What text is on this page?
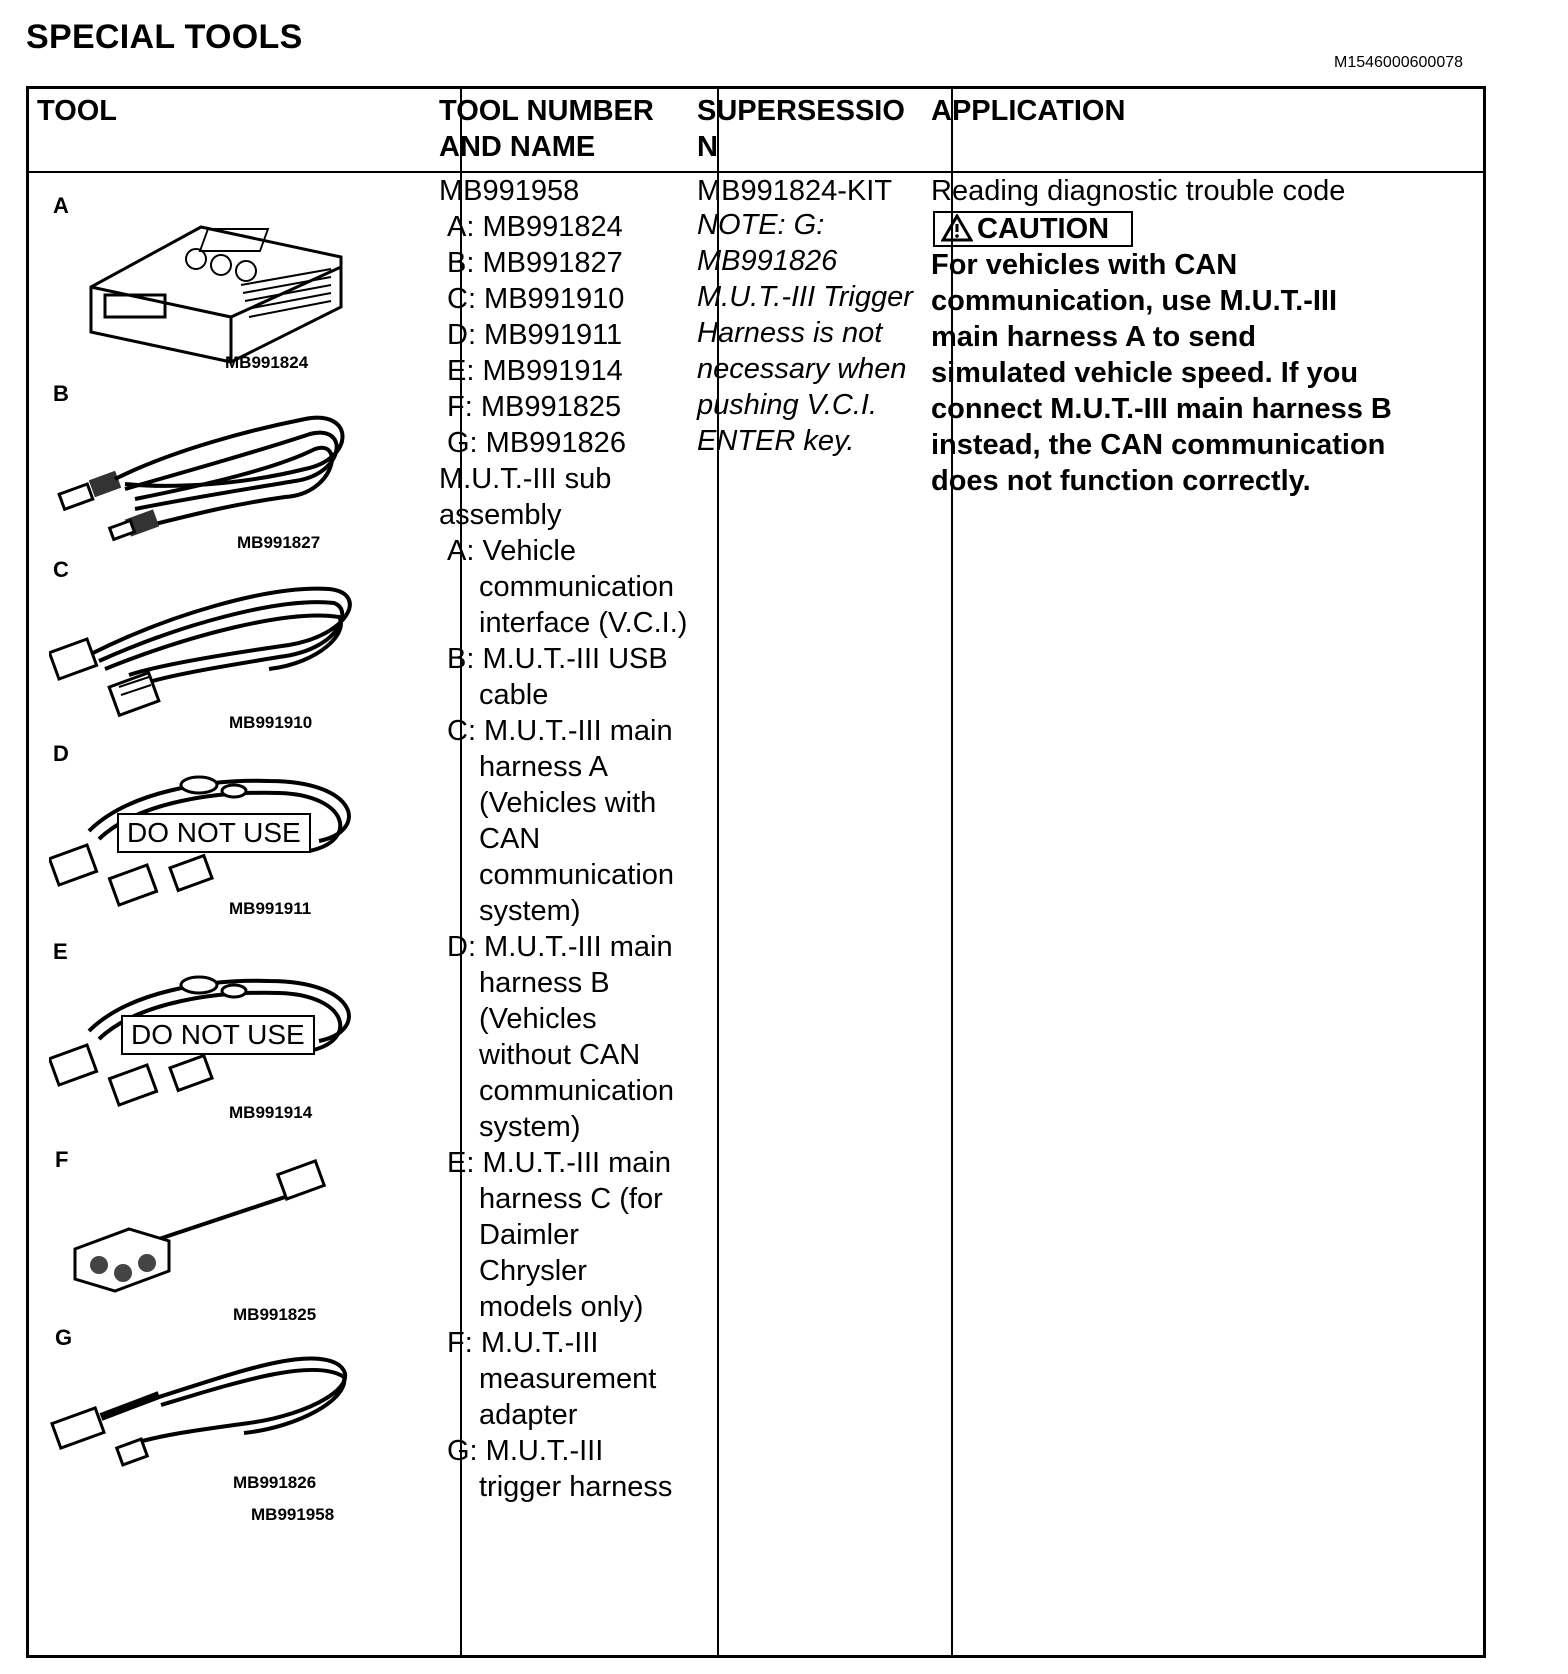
SPECIAL TOOLS
M1546000600078
TOOL	TOOL NUMBER
AND NAME
SUPERSESSIO
N
APPLICATION
A
MB991824
B
MB991827
C
MB991910
D
DO NOT USE
MB991911
E
DO NOT USE
MB991914
F
MB991825
G
MB991826
MB991958
MB991958
A: MB991824
B: MB991827
C: MB991910
D: MB991911
E: MB991914
F: MB991825
G: MB991826
M.U.T.-III sub
assembly
A: Vehicle
communication
interface (V.C.I.)
B: M.U.T.-III USB
cable
C: M.U.T.-III main
harness A
(Vehicles with
CAN
communication
system)
D: M.U.T.-III main
harness B
(Vehicles
without CAN
communication
system)
E: M.U.T.-III main
harness C (for
Daimler
Chrysler
models only)
F: M.U.T.-III
measurement
adapter
G: M.U.T.-III
trigger harness
MB991824-KIT
NOTE: G:
MB991826
M.U.T.-III Trigger
Harness is not
necessary when
pushing V.C.I.
ENTER key.
Reading diagnostic trouble code
CAUTION
For vehicles with CAN
communication, use M.U.T.-III
main harness A to send
simulated vehicle speed. If you
connect M.U.T.-III main harness B
instead, the CAN communication
does not function correctly.
